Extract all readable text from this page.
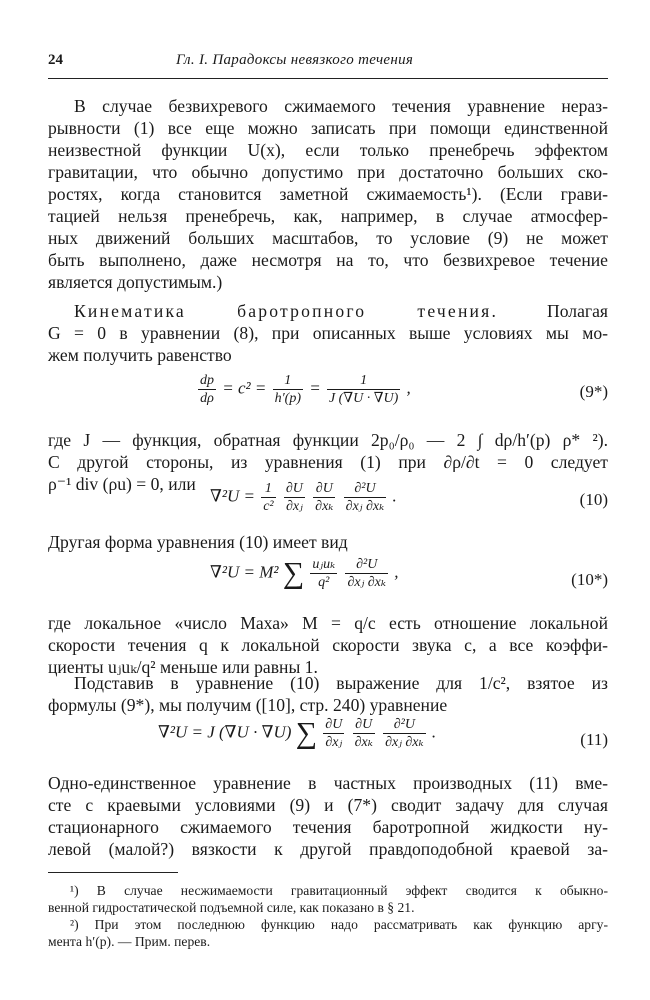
24	Гл. I. Парадоксы невязкого течения
В случае безвихревого сжимаемого течения уравнение нераз-
рывности (1) все еще можно записать при помощи единственной
неизвестной функции U(x), если только пренебречь эффектом
гравитации, что обычно допустимо при достаточно больших ско-
ростях, когда становится заметной сжимаемость¹). (Если грави-
тацией нельзя пренебречь, как, например, в случае атмосфер-
ных движений больших масштабов, то условие (9) не может
быть выполнено, даже несмотря на то, что безвихревое течение
является допустимым.)
Кинематика баротропного течения.	Полагая
G = 0 в уравнении (8), при описанных выше условиях мы мо-
жем получить равенство
$\frac{dp}{d\rho} = c^2 = \frac{1}{h'(p)} = \frac{1}{J (\nabla U \cdot \nabla U)}$ ,	(9*)
где J — функция, обратная функции 2p₀/ρ₀ — 2 ∫ dρ/h′(p) ρ* ²).
С другой стороны, из уравнения (1) при ∂ρ/∂t = 0 следует
ρ⁻¹ div (ρu) = 0, или
$\nabla^2U = \frac{1}{\text{c²}}$
$\frac{\partial U}{\text{∂xⱼ}}$
$\frac{\partial U}{\text{∂xₖ}}$
$\frac{\text{∂²U}}{\text{∂xⱼ ∂xₖ}}$ .	(10)
Другая форма уравнения (10) имеет вид
∇²U = M² ∑ $\frac{\text{uⱼuₖ}}{\text{q²}}$
$\frac{\text{∂²U}}{\text{∂xⱼ ∂xₖ}}$ ,	(10*)
где локальное «число Маха» M = q/c есть отношение локальной
скорости течения q к локальной скорости звука c, а все коэффи-
циенты uⱼuₖ/q² меньше или равны 1.
Подставив в уравнение (10) выражение для 1/c², взятое из
формулы (9*), мы получим ([10], стр. 240) уравнение
∇²U = J (∇U · ∇U) ∑ $\frac{\partial U}{\text{∂xⱼ}}$
$\frac{\partial U}{\text{∂xₖ}}$
$\frac{\text{∂²U}}{\text{∂xⱼ ∂xₖ}}$ .	(11)
Одно-единственное уравнение в частных производных (11) вме-
сте с краевыми условиями (9) и (7*) сводит задачу для случая
стационарного сжимаемого течения баротропной жидкости ну-
левой (малой?) вязкости к другой правдоподобной краевой за-
¹) В случае несжимаемости гравитационный эффект сводится к обыкно-
венной гидростатической подъемной силе, как показано в § 21.
²) При этом последнюю функцию надо рассматривать как функцию аргу-
мента h′(p). — Прим. перев.
